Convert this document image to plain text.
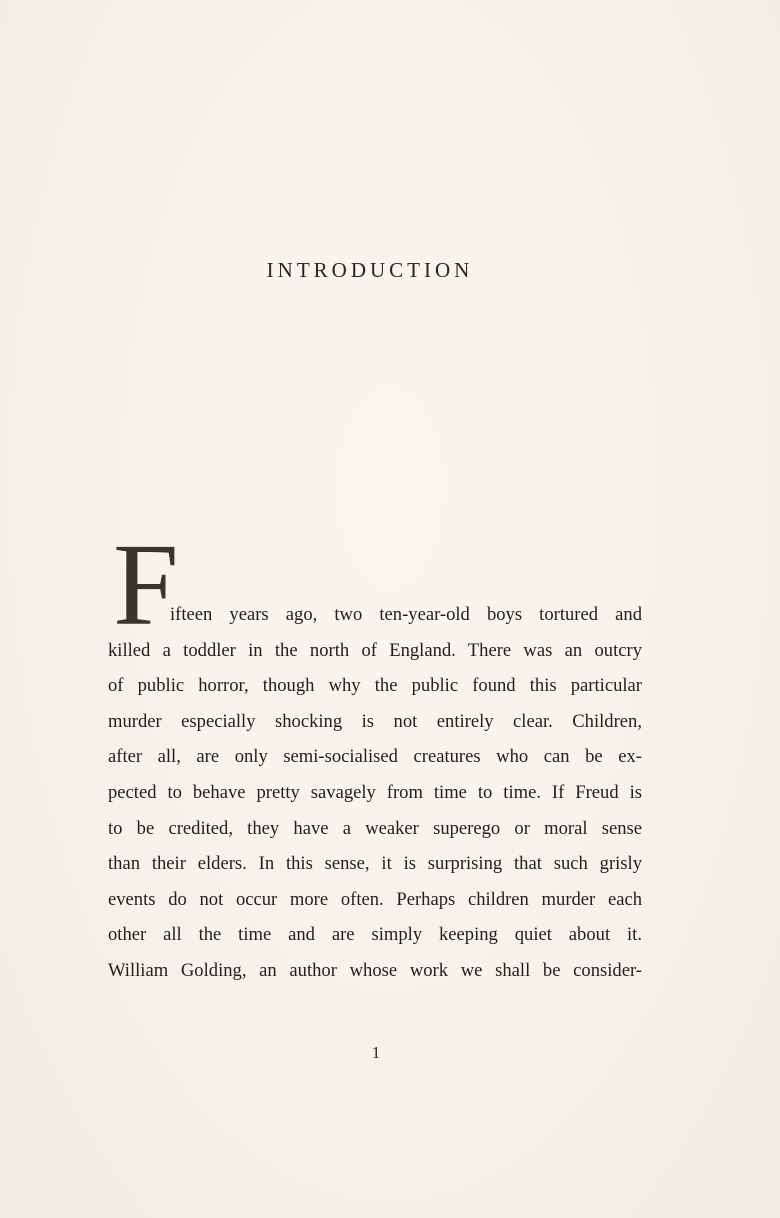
INTRODUCTION
F
ifteen years ago, two ten-year-old boys tortured and
killed a toddler in the north of England. There was an outcry
of public horror, though why the public found this particular
murder especially shocking is not entirely clear. Children,
after all, are only semi-socialised creatures who can be ex-
pected to behave pretty savagely from time to time. If Freud is
to be credited, they have a weaker superego or moral sense
than their elders. In this sense, it is surprising that such grisly
events do not occur more often. Perhaps children murder each
other all the time and are simply keeping quiet about it.
William Golding, an author whose work we shall be consider-
1
